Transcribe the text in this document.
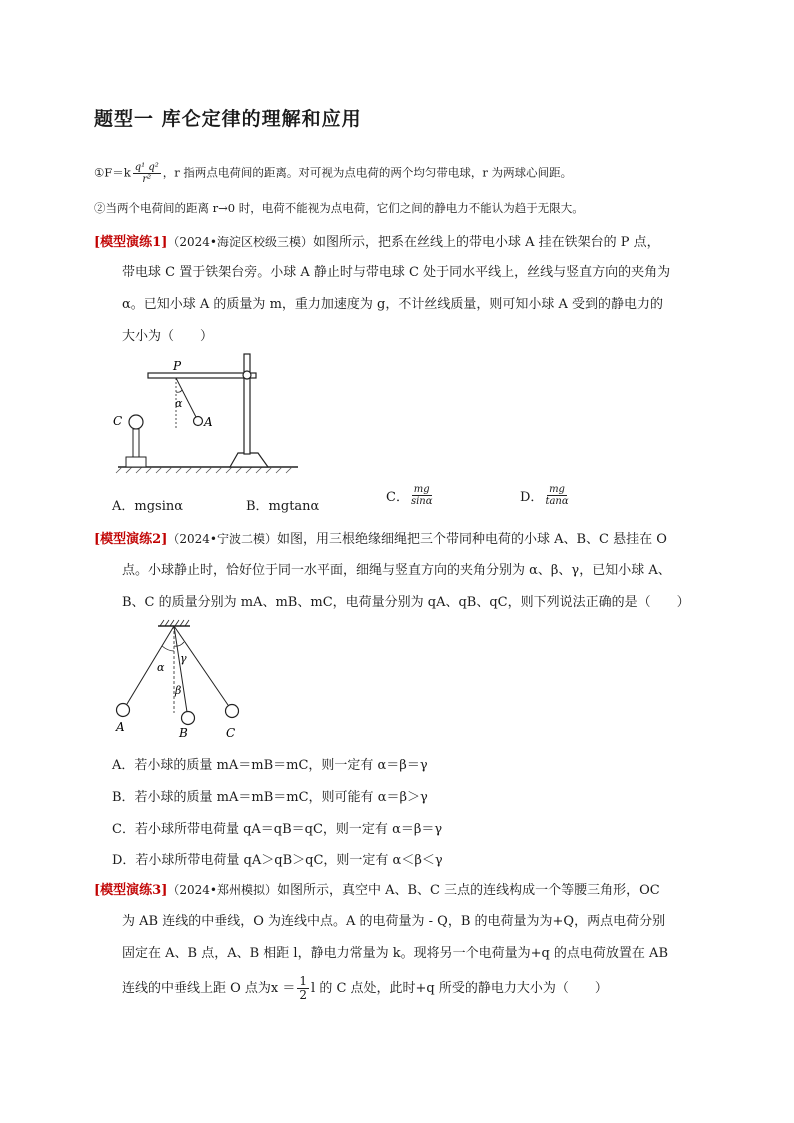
题型一 库仑定律的理解和应用
①F＝k $\frac{\text{q¹ q²}}{\text{r²}}$ ，r 指两点电荷间的距离。对可视为点电荷的两个均匀带电球，r 为两球心间距。
②当两个电荷间的距离 r→0 时，电荷不能视为点电荷，它们之间的静电力不能认为趋于无限大。
[模型演练1]（2024•海淀区校级三模）如图所示，把系在丝线上的带电小球 A 挂在铁架台的 P 点，
带电球 C 置于铁架台旁。小球 A 静止时与带电球 C 处于同水平线上，丝线与竖直方向的夹角为
α。已知小球 A 的质量为 m，重力加速度为 g，不计丝线质量，则可知小球 A 受到的静电力的
大小为（　　）
P
α
A
C
A．mgsinα	B．mgtanα
C． $\frac{mg}{\sin\alpha}$	D． $\frac{mg}{\tan\alpha}$
[模型演练2]（2024•宁波二模）如图，用三根绝缘细绳把三个带同种电荷的小球 A、B、C 悬挂在 O
点。小球静止时，恰好位于同一水平面，细绳与竖直方向的夹角分别为 α、β、γ，已知小球 A、
B、C 的质量分别为 mA、mB、mC，电荷量分别为 qA、qB、qC，则下列说法正确的是（　　）
α
β
γ
A	B	C
A．若小球的质量 mA＝mB＝mC，则一定有 α＝β＝γ
B．若小球的质量 mA＝mB＝mC，则可能有 α＝β＞γ
C．若小球所带电荷量 qA＝qB＝qC，则一定有 α＝β＝γ
D．若小球所带电荷量 qA＞qB＞qC，则一定有 α＜β＜γ
[模型演练3]（2024•郑州模拟）如图所示，真空中 A、B、C 三点的连线构成一个等腰三角形，OC
为 AB 连线的中垂线，O 为连线中点。A 的电荷量为 - Q，B 的电荷量为为+Q，两点电荷分别
固定在 A、B 点，A、B 相距 l，静电力常量为 k。现将另一个电荷量为+q 的点电荷放置在 AB
连线的中垂线上距 O 点为$x = \frac{1}{2}$ l 的 C 点处，此时+q 所受的静电力大小为（　　）
